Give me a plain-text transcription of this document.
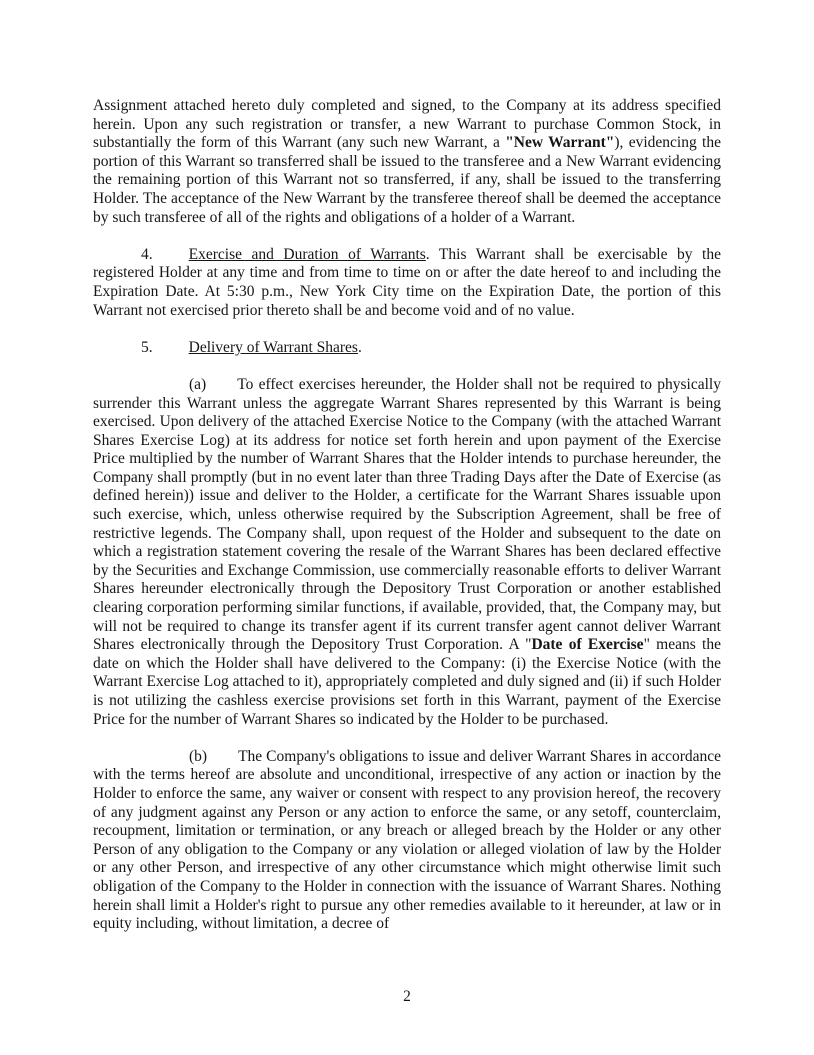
Assignment attached hereto duly completed and signed, to the Company at its address specified herein. Upon any such registration or transfer, a new Warrant to purchase Common Stock, in substantially the form of this Warrant (any such new Warrant, a "New Warrant"), evidencing the portion of this Warrant so transferred shall be issued to the transferee and a New Warrant evidencing the remaining portion of this Warrant not so transferred, if any, shall be issued to the transferring Holder. The acceptance of the New Warrant by the transferee thereof shall be deemed the acceptance by such transferee of all of the rights and obligations of a holder of a Warrant.

4. Exercise and Duration of Warrants. This Warrant shall be exercisable by the registered Holder at any time and from time to time on or after the date hereof to and including the Expiration Date. At 5:30 p.m., New York City time on the Expiration Date, the portion of this Warrant not exercised prior thereto shall be and become void and of no value.

5. Delivery of Warrant Shares.

(a) To effect exercises hereunder, the Holder shall not be required to physically surrender this Warrant unless the aggregate Warrant Shares represented by this Warrant is being exercised. Upon delivery of the attached Exercise Notice to the Company (with the attached Warrant Shares Exercise Log) at its address for notice set forth herein and upon payment of the Exercise Price multiplied by the number of Warrant Shares that the Holder intends to purchase hereunder, the Company shall promptly (but in no event later than three Trading Days after the Date of Exercise (as defined herein)) issue and deliver to the Holder, a certificate for the Warrant Shares issuable upon such exercise, which, unless otherwise required by the Subscription Agreement, shall be free of restrictive legends. The Company shall, upon request of the Holder and subsequent to the date on which a registration statement covering the resale of the Warrant Shares has been declared effective by the Securities and Exchange Commission, use commercially reasonable efforts to deliver Warrant Shares hereunder electronically through the Depository Trust Corporation or another established clearing corporation performing similar functions, if available, provided, that, the Company may, but will not be required to change its transfer agent if its current transfer agent cannot deliver Warrant Shares electronically through the Depository Trust Corporation. A "Date of Exercise" means the date on which the Holder shall have delivered to the Company: (i) the Exercise Notice (with the Warrant Exercise Log attached to it), appropriately completed and duly signed and (ii) if such Holder is not utilizing the cashless exercise provisions set forth in this Warrant, payment of the Exercise Price for the number of Warrant Shares so indicated by the Holder to be purchased.

(b) The Company's obligations to issue and deliver Warrant Shares in accordance with the terms hereof are absolute and unconditional, irrespective of any action or inaction by the Holder to enforce the same, any waiver or consent with respect to any provision hereof, the recovery of any judgment against any Person or any action to enforce the same, or any setoff, counterclaim, recoupment, limitation or termination, or any breach or alleged breach by the Holder or any other Person of any obligation to the Company or any violation or alleged violation of law by the Holder or any other Person, and irrespective of any other circumstance which might otherwise limit such obligation of the Company to the Holder in connection with the issuance of Warrant Shares. Nothing herein shall limit a Holder's right to pursue any other remedies available to it hereunder, at law or in equity including, without limitation, a decree of

2
